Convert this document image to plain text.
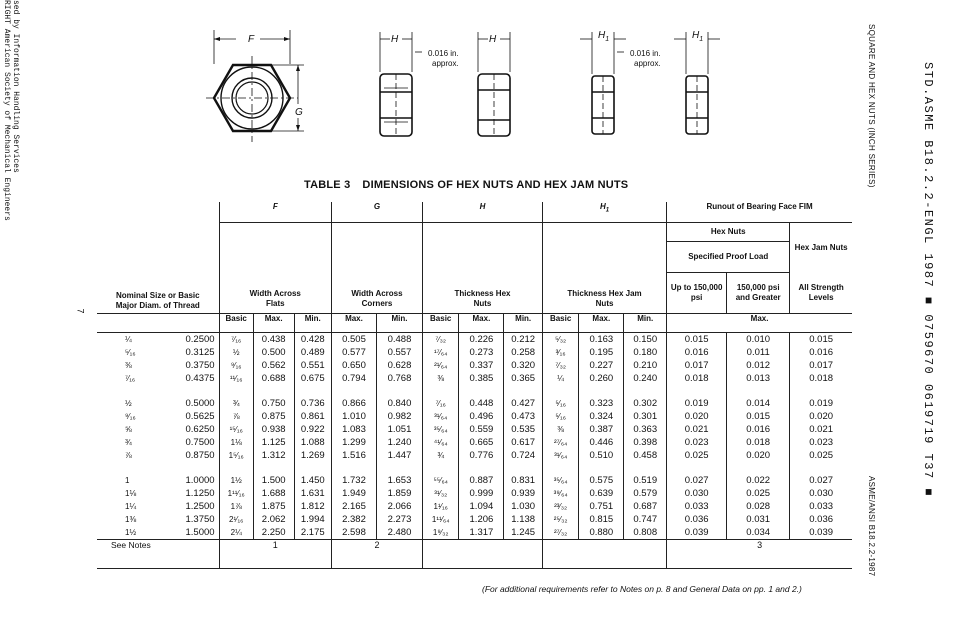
RIGHT American Society of Mechanical Engineers sed by Information Handling Services
7
SQUARE AND HEX NUTS (INCH SERIES)	STD.ASME B18.2.2-ENGL 1987 ■ 0759670 0619719 T37 ■
ASME/ANSI B18.2.2-1987
F
G
H
0.016 in.
approx.
H	$H_1$
0.016 in.
approx.
$H_1$
TABLE 3 DIMENSIONS OF HEX NUTS AND HEX JAM NUTS
		F			G		H			$H_1$			Runout of Bearing Face FIM		
													Hex Nuts		Hex Jam Nuts
													Specified Proof Load		
Nominal Size or Basic Major Diam. of Thread		Width Across Flats			Width Across Corners		Thickness Hex Nuts			Thickness Hex Jam Nuts			Up to 150,000 psi	150,000 psi and Greater	All Strength Levels
		Basic	Max.	Min.	Max.	Min.	Basic	Max.	Min.	Basic	Max.	Min.	Max.		
¼	0.2500	⁷⁄₁₆	0.438	0.428	0.505	0.488	⁷⁄₃₂	0.226	0.212	⁵⁄₃₂	0.163	0.150	0.015	0.010	0.015
⁵⁄₁₆	0.3125	½	0.500	0.489	0.577	0.557	¹⁷⁄₆₄	0.273	0.258	³⁄₁₆	0.195	0.180	0.016	0.011	0.016
⅜	0.3750	⁹⁄₁₆	0.562	0.551	0.650	0.628	²¹⁄₆₄	0.337	0.320	⁷⁄₃₂	0.227	0.210	0.017	0.012	0.017
⁷⁄₁₆	0.4375	¹¹⁄₁₆	0.688	0.675	0.794	0.768	⅜	0.385	0.365	¼	0.260	0.240	0.018	0.013	0.018
½	0.5000	¾	0.750	0.736	0.866	0.840	⁷⁄₁₆	0.448	0.427	⁵⁄₁₆	0.323	0.302	0.019	0.014	0.019
⁹⁄₁₆	0.5625	⅞	0.875	0.861	1.010	0.982	³¹⁄₆₄	0.496	0.473	⁵⁄₁₆	0.324	0.301	0.020	0.015	0.020
⅝	0.6250	¹⁵⁄₁₆	0.938	0.922	1.083	1.051	³⁵⁄₆₄	0.559	0.535	⅜	0.387	0.363	0.021	0.016	0.021
¾	0.7500	1⅛	1.125	1.088	1.299	1.240	⁴¹⁄₆₄	0.665	0.617	²⁷⁄₆₄	0.446	0.398	0.023	0.018	0.023
⅞	0.8750	1⁵⁄₁₆	1.312	1.269	1.516	1.447	¾	0.776	0.724	³¹⁄₆₄	0.510	0.458	0.025	0.020	0.025
1	1.0000	1½	1.500	1.450	1.732	1.653	⁵⁵⁄₆₄	0.887	0.831	³⁵⁄₆₄	0.575	0.519	0.027	0.022	0.027
1⅛	1.1250	1¹¹⁄₁₆	1.688	1.631	1.949	1.859	³¹⁄₃₂	0.999	0.939	³⁹⁄₆₄	0.639	0.579	0.030	0.025	0.030
1¼	1.2500	1⅞	1.875	1.812	2.165	2.066	1¹⁄₁₆	1.094	1.030	²³⁄₃₂	0.751	0.687	0.033	0.028	0.033
1⅜	1.3750	2¹⁄₁₆	2.062	1.994	2.382	2.273	1¹¹⁄₆₄	1.206	1.138	²⁵⁄₃₂	0.815	0.747	0.036	0.031	0.036
1½	1.5000	2¼	2.250	2.175	2.598	2.480	1⁹⁄₃₂	1.317	1.245	²⁷⁄₃₂	0.880	0.808	0.039	0.034	0.039
See Notes		1			2								3		
(For additional requirements refer to Notes on p. 8 and General Data on pp. 1 and 2.)
